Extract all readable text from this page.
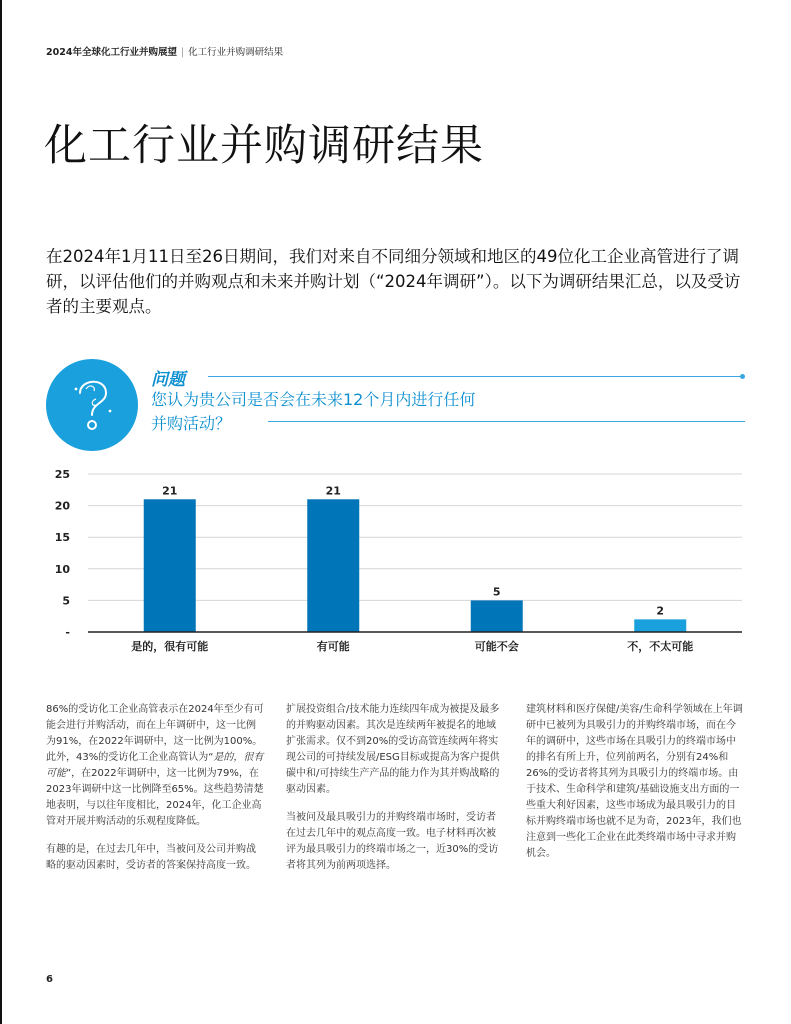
2024年全球化工行业并购展望 | 化工行业并购调研结果
化工行业并购调研结果
在2024年1月11日至26日期间，我们对来自不同细分领域和地区的49位化工企业高管进行了调研，以评估他们的并购观点和未来并购计划（“2024年调研”）。以下为调研结果汇总，以及受访者的主要观点。
问题
您认为贵公司是否会在未来12个月内进行任何并购活动？
-
5
10
15
20
25
21
是的，很有可能
21
有可能
5
可能不会
2
不，不太可能

86%的受访化工企业高管表示在2024年至少有可能会进行并购活动，而在上年调研中，这一比例为91%，在2022年调研中，这一比例为100%。此外，43%的受访化工企业高管认为“是的，很有可能”，在2022年调研中，这一比例为79%，在2023年调研中这一比例降至65%。这些趋势清楚地表明，与以往年度相比，2024年，化工企业高管对开展并购活动的乐观程度降低。

有趣的是，在过去几年中，当被问及公司并购战略的驱动因素时，受访者的答案保持高度一致。

扩展投资组合/技术能力连续四年成为被提及最多的并购驱动因素。其次是连续两年被提名的地域扩张需求。仅不到20%的受访高管连续两年将实现公司的可持续发展/ESG目标或提高为客户提供碳中和/可持续生产产品的能力作为其并购战略的驱动因素。

当被问及最具吸引力的并购终端市场时，受访者在过去几年中的观点高度一致。电子材料再次被评为最具吸引力的终端市场之一，近30%的受访者将其列为前两项选择。

建筑材料和医疗保健/美容/生命科学领域在上年调研中已被列为具吸引力的并购终端市场，而在今年的调研中，这些市场在具吸引力的终端市场中的排名有所上升，位列前两名，分别有24%和26%的受访者将其列为具吸引力的终端市场。由于技术、生命科学和建筑/基础设施支出方面的一些重大利好因素，这些市场成为最具吸引力的目标并购终端市场也就不足为奇，2023年，我们也注意到一些化工企业在此类终端市场中寻求并购机会。

6
